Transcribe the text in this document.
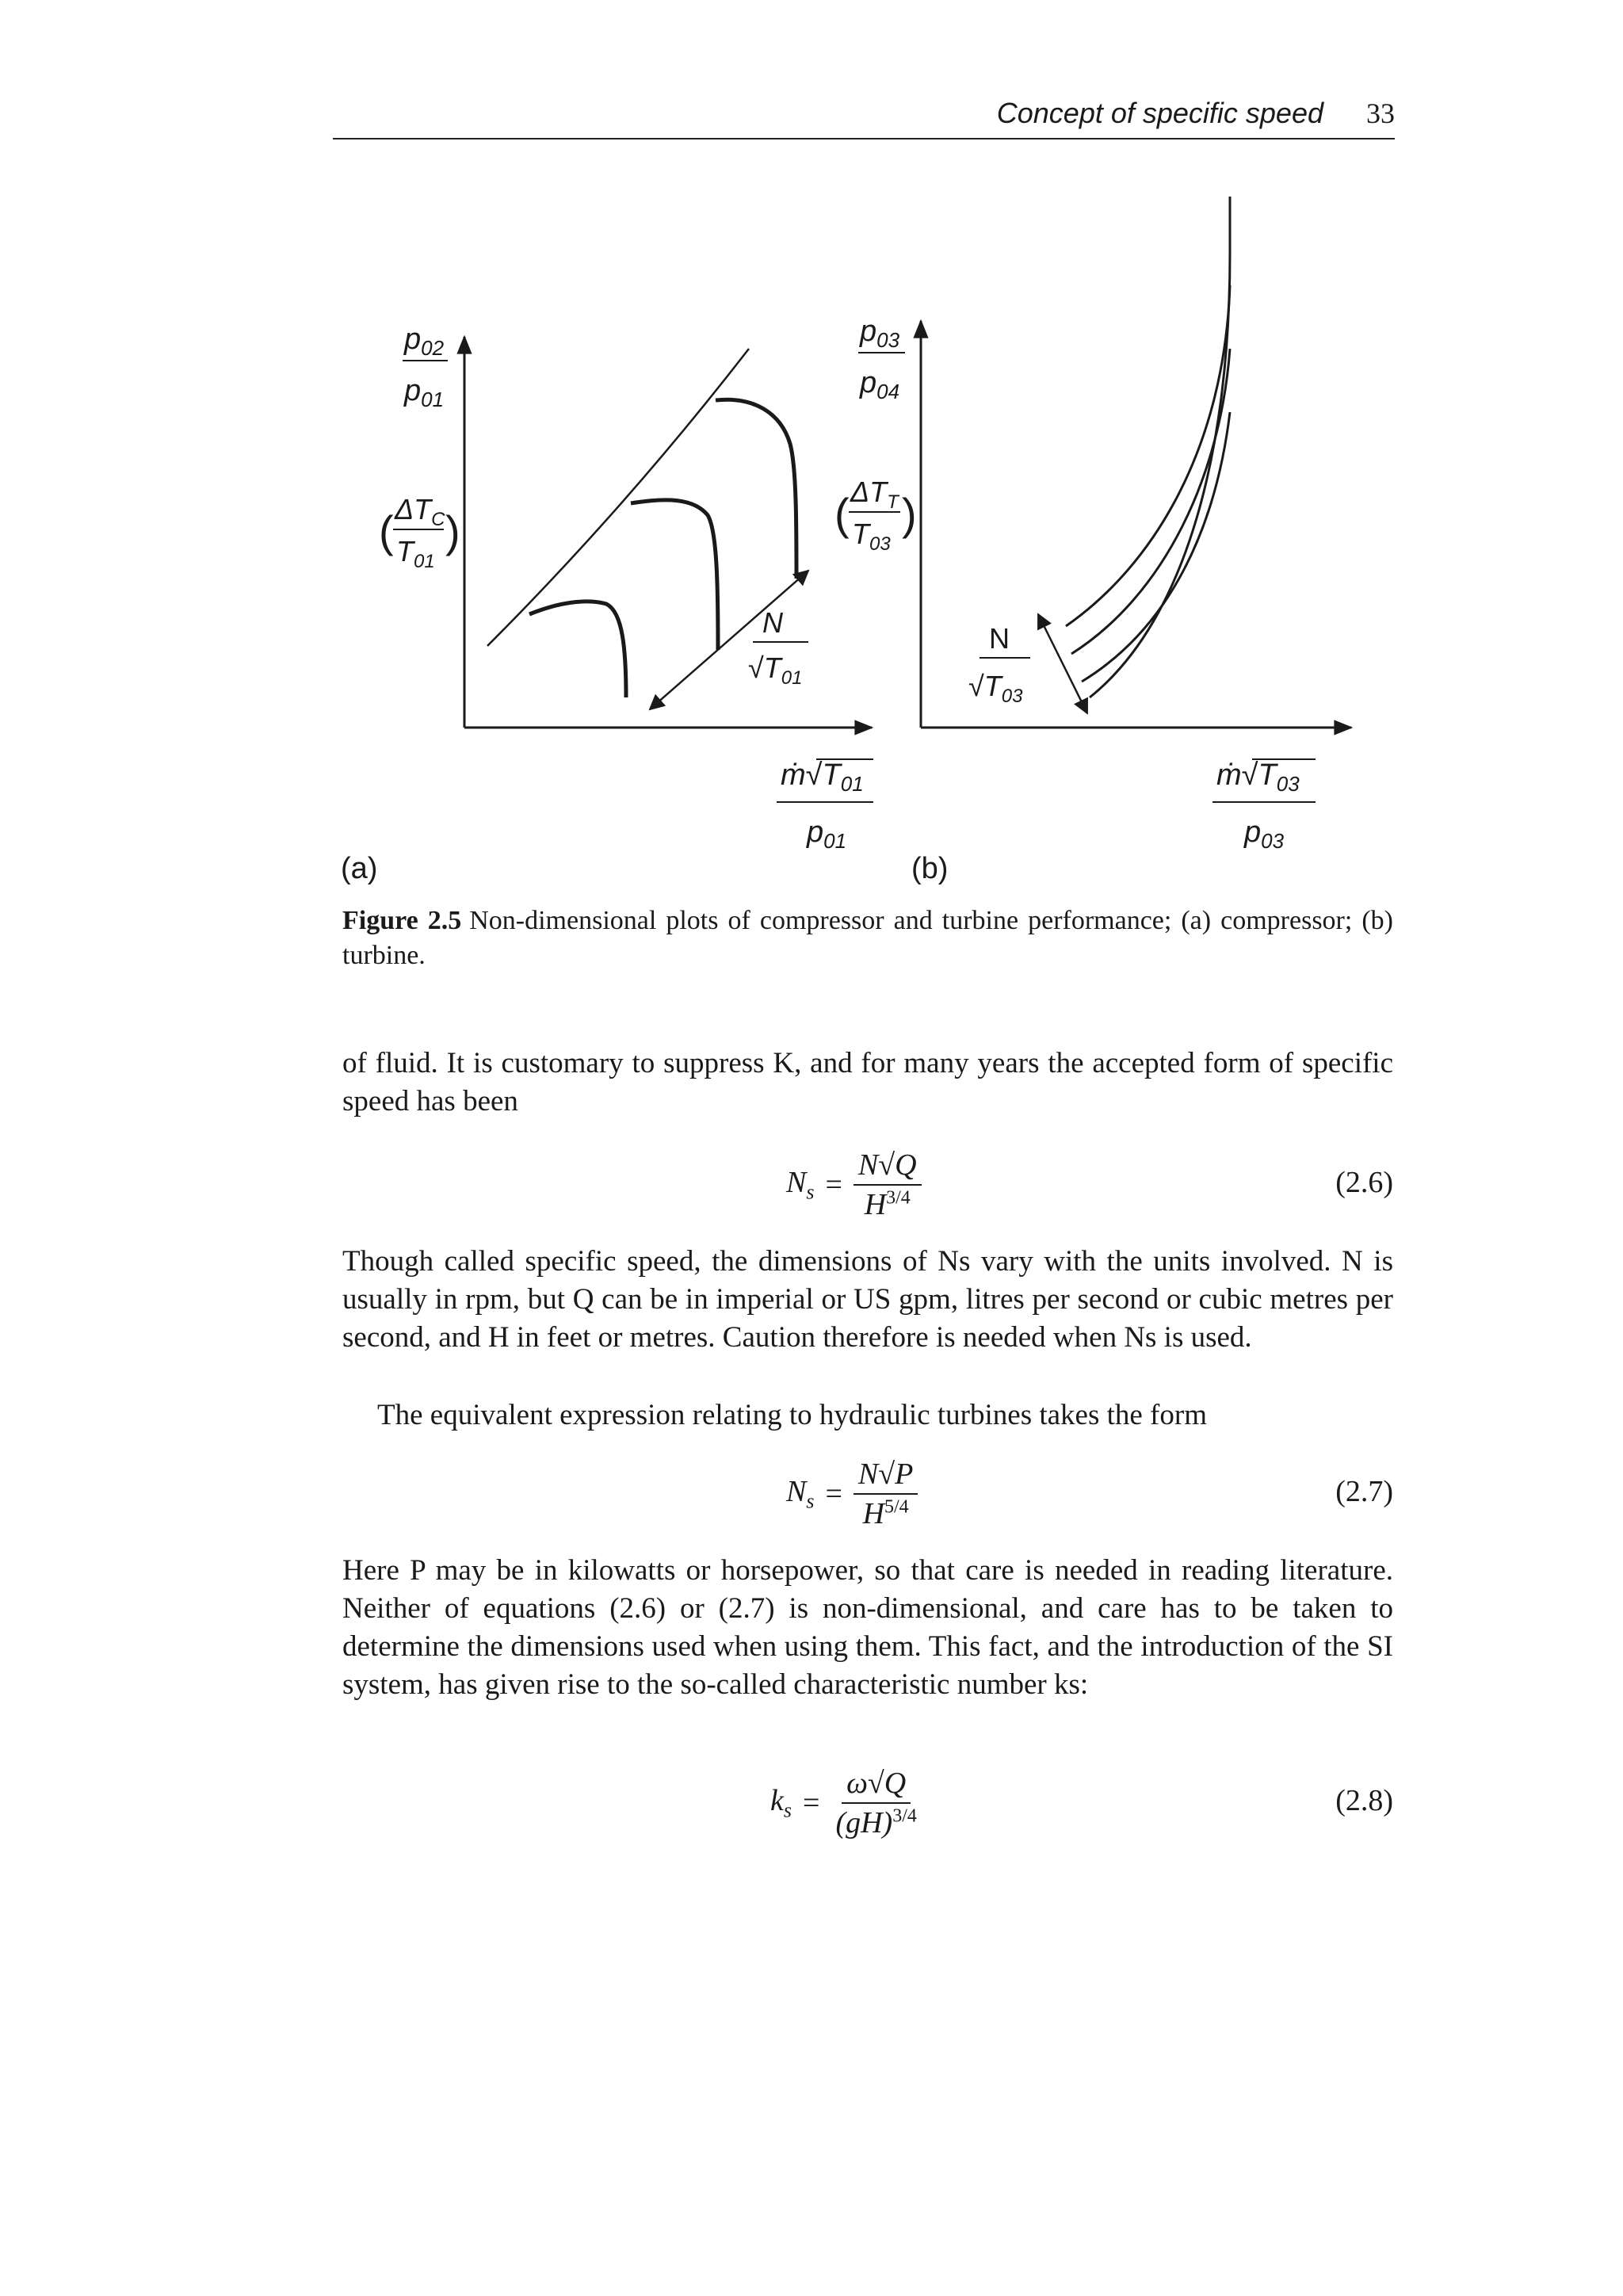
Concept of specific speed 33
$p_{02}$
$p_{01}$
( $\Delta T_C$
$T_{01}$
)
N
$√T_{01}$
$ṁ√T_{01}$
$p_{01}$
(a)
$p_{03}$
$p_{04}$
( $\Delta T_T$
$T_{03}$
)
N
$√T_{03}$
$ṁ√T_{03}$
$p_{03}$
(b)
Figure 2.5 Non-dimensional plots of compressor and turbine performance; (a) compressor; (b) turbine.

of fluid. It is customary to suppress K, and for many years the accepted form of specific speed has been

$N_s = \frac{N√Q}{H^{3/4}}$	(2.6)

Though called specific speed, the dimensions of Ns vary with the units involved. N is usually in rpm, but Q can be in imperial or US gpm, litres per second or cubic metres per second, and H in feet or metres. Caution therefore is needed when Ns is used.

The equivalent expression relating to hydraulic turbines takes the form

$N_s = \frac{N√P}{H^{5/4}}$	(2.7)

Here P may be in kilowatts or horsepower, so that care is needed in reading literature. Neither of equations (2.6) or (2.7) is non-dimensional, and care has to be taken to determine the dimensions used when using them. This fact, and the introduction of the SI system, has given rise to the so-called characteristic number ks:

$k_s = \frac{\omega√Q}{(gH)^{3/4}}$	(2.8)
